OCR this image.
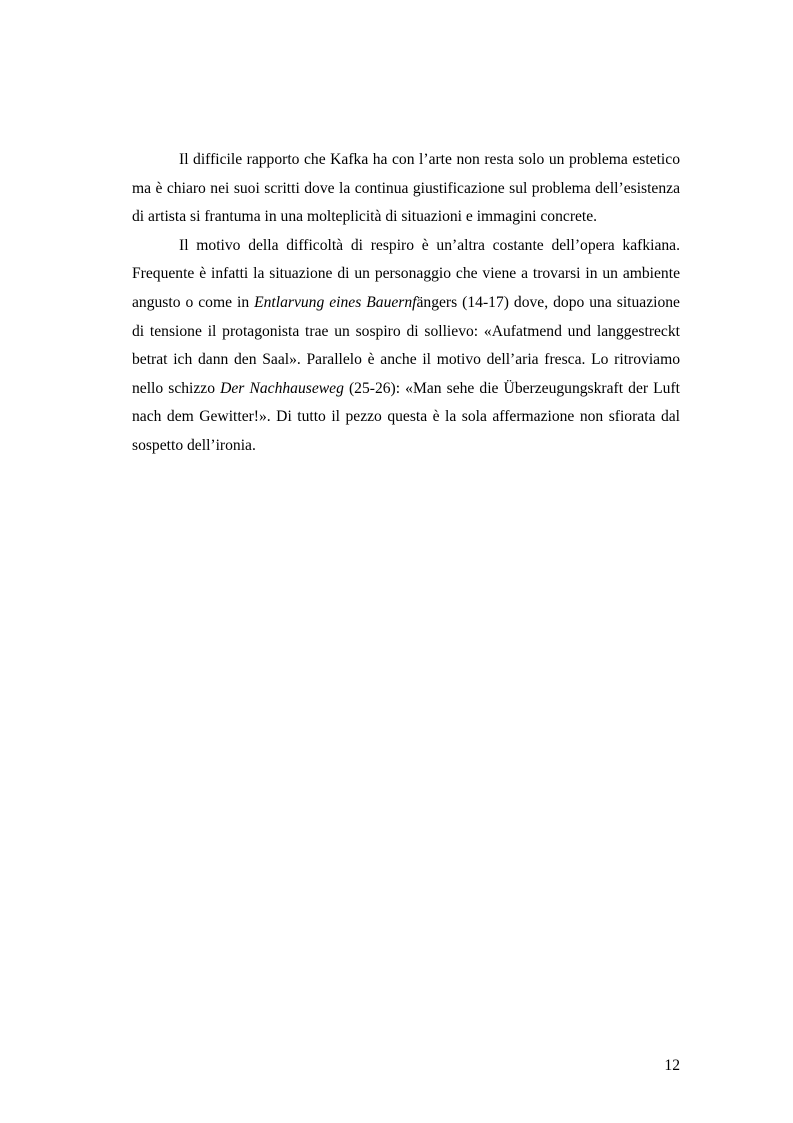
Il difficile rapporto che Kafka ha con l’arte non resta solo un problema estetico ma è chiaro nei suoi scritti dove la continua giustificazione sul problema dell’esistenza di artista si frantuma in una molteplicità di situazioni e immagini concrete.

Il motivo della difficoltà di respiro è un’altra costante dell’opera kafkiana. Frequente è infatti la situazione di un personaggio che viene a trovarsi in un ambiente angusto o come in Entlarvung eines Bauernfängers (14-17) dove, dopo una situazione di tensione il protagonista trae un sospiro di sollievo: «Aufatmend und langgestreckt betrat ich dann den Saal». Parallelo è anche il motivo dell’aria fresca. Lo ritroviamo nello schizzo Der Nachhauseweg (25-26): «Man sehe die Überzeugungskraft der Luft nach dem Gewitter!». Di tutto il pezzo questa è la sola affermazione non sfiorata dal sospetto dell’ironia.

12
